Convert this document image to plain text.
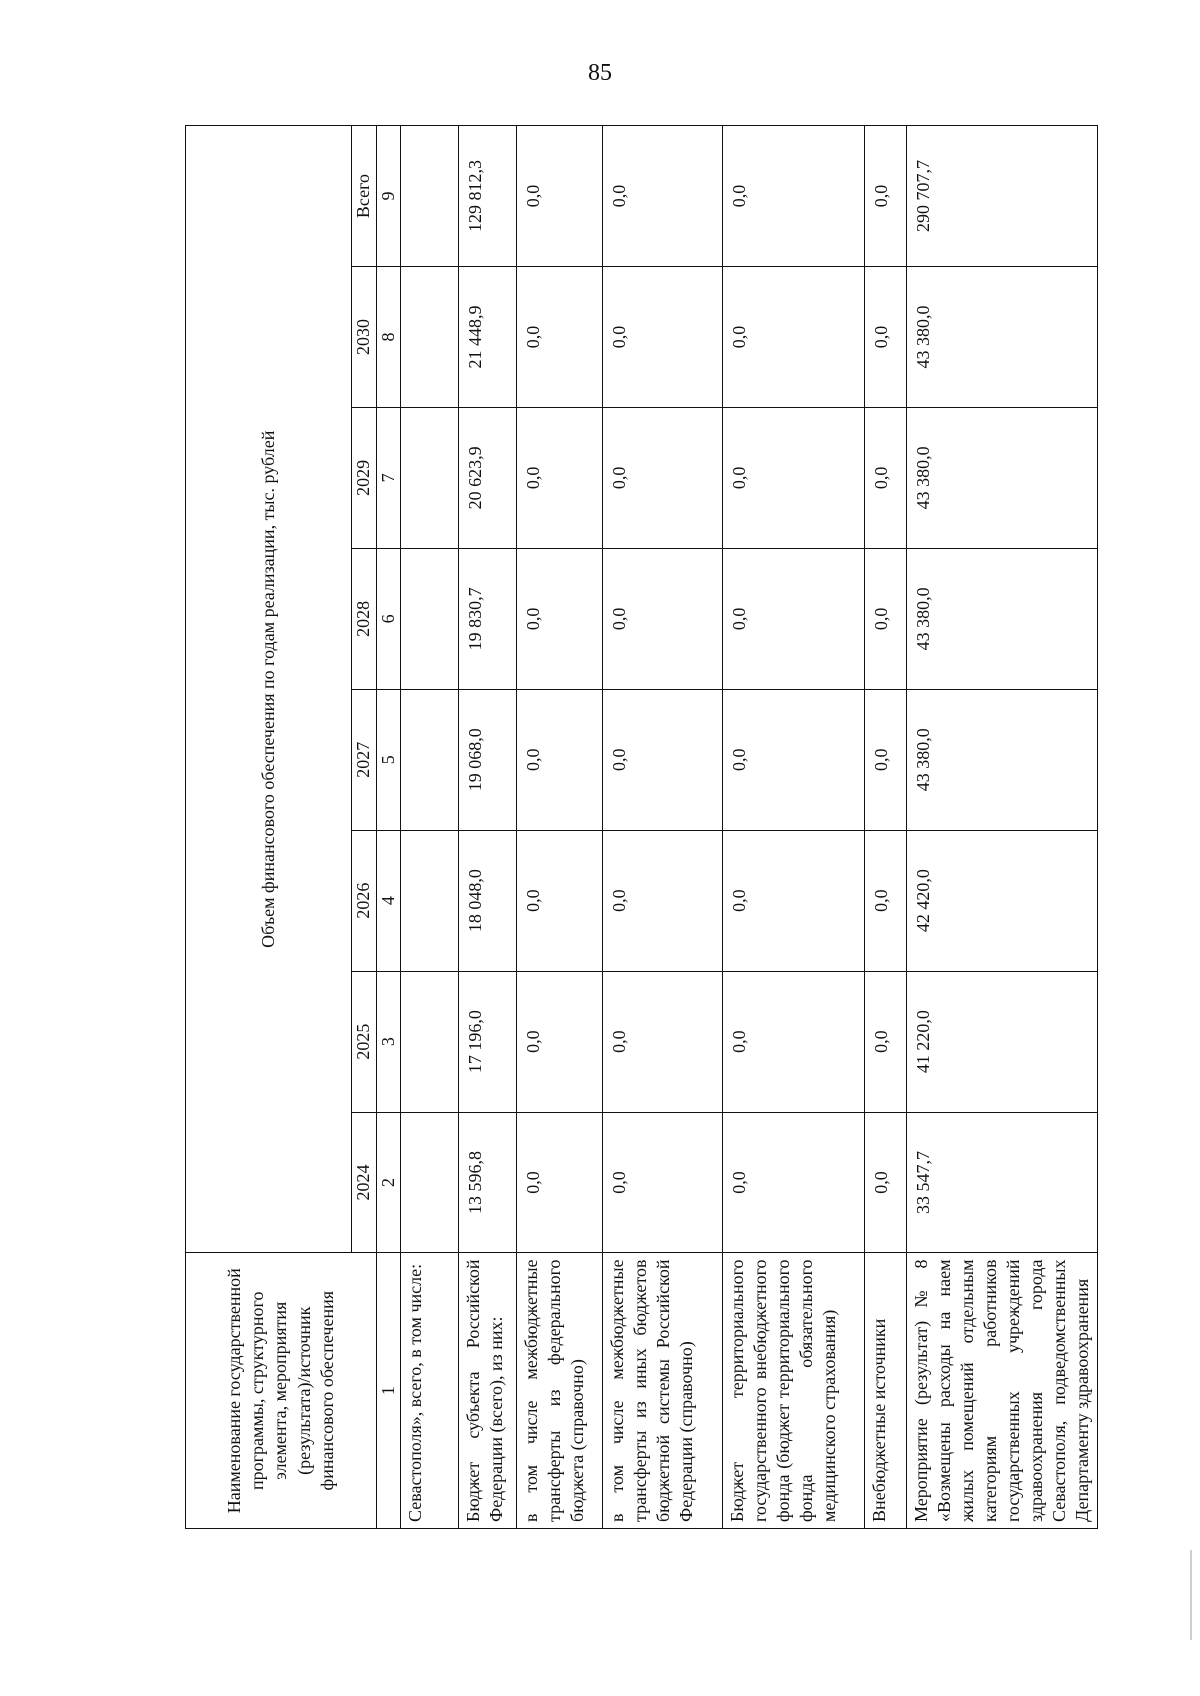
85
Наименование государственной программы, структурного элемента, мероприятия (результата)/источник финансового обеспечения	Объем финансового обеспечения по годам реализации, тыс. рублей							
	2024	2025	2026	2027	2028	2029	2030	Всего
1	2	3	4	5	6	7	8	9
Севастополя», всего, в том числе:								
Бюджет субъекта Российской Федерации (всего), из них:	13 596,8	17 196,0	18 048,0	19 068,0	19 830,7	20 623,9	21 448,9	129 812,3
в том числе межбюджетные трансферты из федерального бюджета (справочно)	0,0	0,0	0,0	0,0	0,0	0,0	0,0	0,0
в том числе межбюджетные трансферты из иных бюджетов бюджетной системы Российской Федерации (справочно)	0,0	0,0	0,0	0,0	0,0	0,0	0,0	0,0
Бюджет территориального государственного внебюджетного фонда (бюджет территориального фонда обязательного медицинского страхования)	0,0	0,0	0,0	0,0	0,0	0,0	0,0	0,0
Внебюджетные источники	0,0	0,0	0,0	0,0	0,0	0,0	0,0	0,0
Мероприятие (результат) № 8 «Возмещены расходы на наем жилых помещений отдельным категориям работников государственных учреждений здравоохранения города Севастополя, подведомственных Департаменту здравоохранения	33 547,7	41 220,0	42 420,0	43 380,0	43 380,0	43 380,0	43 380,0	290 707,7
